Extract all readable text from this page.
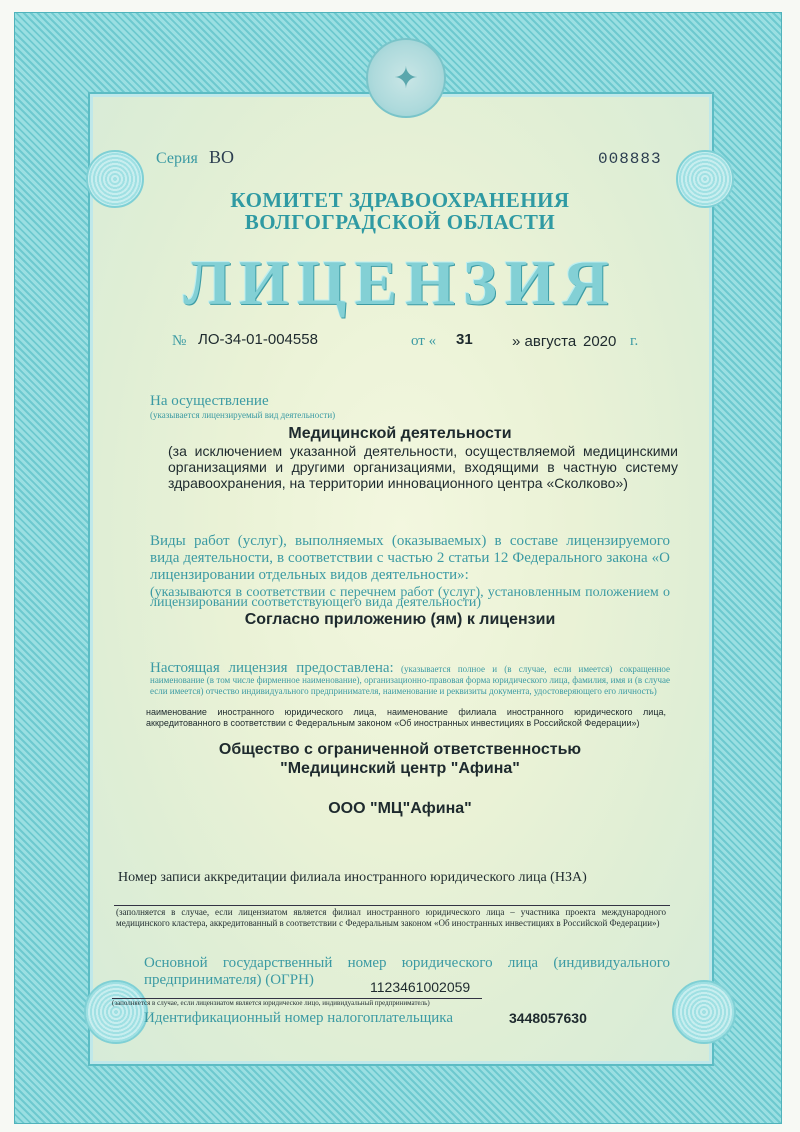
✦
Серия ВО	008883
КОМИТЕТ ЗДРАВООХРАНЕНИЯ
ВОЛГОГРАДСКОЙ ОБЛАСТИ
ЛИЦЕНЗИЯ
№ ЛО-34-01-004558	от « 31	» августа 2020 г.
На осуществление
(указывается лицензируемый вид деятельности)
Медицинской деятельности
(за исключением указанной деятельности, осуществляемой медицинскими организациями и другими организациями, входящими в частную систему здравоохранения, на территории инновационного центра «Сколково»)
Виды работ (услуг), выполняемых (оказываемых) в составе лицензируемого вида деятельности, в соответствии с частью 2 статьи 12 Федерального закона «О лицензировании отдельных видов деятельности»:
(указываются в соответствии с перечнем работ (услуг), установленным положением о лицензировании соответствующего вида деятельности)
Согласно приложению (ям) к лицензии
Настоящая лицензия предоставлена: (указывается полное и (в случае, если имеется) сокращенное наименование (в том числе фирменное наименование), организационно-правовая форма юридического лица, фамилия, имя и (в случае если имеется) отчество индивидуального предпринимателя, наименование и реквизиты документа, удостоверяющего его личность)
наименование иностранного юридического лица, наименование филиала иностранного юридического лица, аккредитованного в соответствии с Федеральным законом «Об иностранных инвестициях в Российской Федерации»)
Общество с ограниченной ответственностью
"Медицинский центр "Афина"
ООО "МЦ"Афина"
Номер записи аккредитации филиала иностранного юридического лица (НЗА)
(заполняется в случае, если лицензиатом является филиал иностранного юридического лица – участника проекта международного медицинского кластера, аккредитованный в соответствии с Федеральным законом «Об иностранных инвестициях в Российской Федерации»)
Основной государственный номер юридического лица (индивидуального предпринимателя) (ОГРН)	1123461002059
(заполняется в случае, если лицензиатом является юридическое лицо, индивидуальный предприниматель)
Идентификационный номер налогоплательщика	3448057630
